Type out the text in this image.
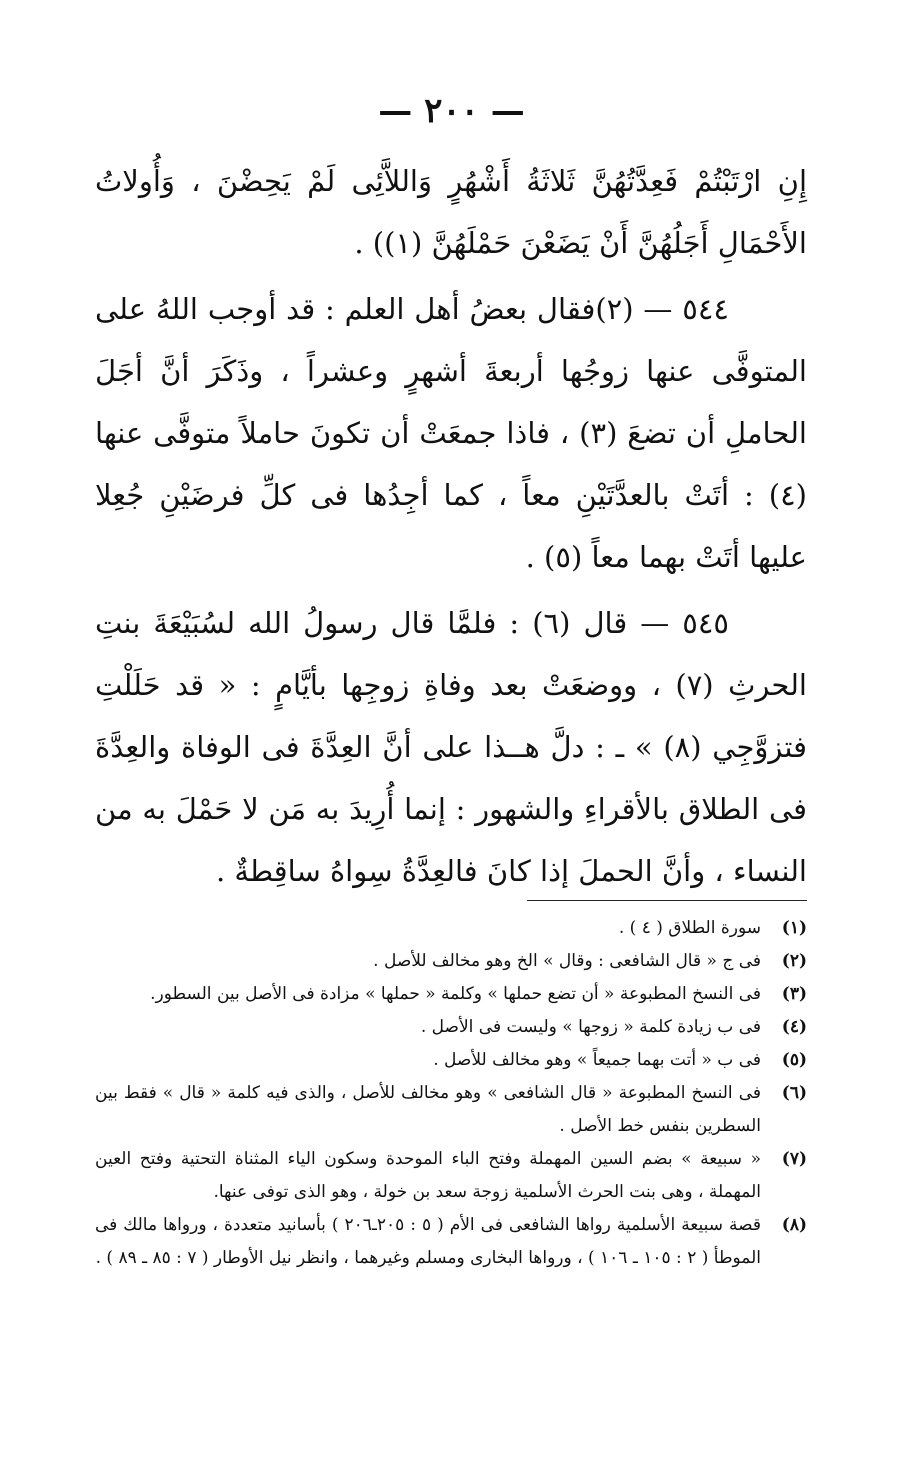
— ٢٠٠ —

إِنِ ارْتَبْتُمْ فَعِدَّتُهُنَّ ثَلاثَةُ أَشْهُرٍ وَاللاَّئِى لَمْ يَحِضْنَ ، وَأُولاتُ الأَحْمَالِ أَجَلُهُنَّ أَنْ يَضَعْنَ حَمْلَهُنَّ (١)) .

٥٤٤ — (٢)فقال بعضُ أهل العلم : قد أوجب اللهُ على المتوفَّى عنها زوجُها أربعةَ أشهرٍ وعشراً ، وذَكَرَ أنَّ أجَلَ الحاملِ أن تضعَ (٣) ، فاذا جمعَتْ أن تكونَ حاملاً متوفَّى عنها (٤) : أتَتْ بالعدَّتَيْنِ معاً ، كما أجِدُها فى كلِّ فرضَيْنِ جُعِلا عليها أتَتْ بهما معاً (٥) .

٥٤٥ — قال (٦) : فلمَّا قال رسولُ الله لسُبَيْعَةَ بنتِ الحرثِ (٧) ، ووضعَتْ بعد وفاةِ زوجِها بأيَّامٍ : « قد حَلَلْتِ فتزوَّجِي (٨) » ـ : دلَّ هــذا على أنَّ العِدَّةَ فى الوفاة والعِدَّةَ فى الطلاق بالأقراءِ والشهور : إنما أُرِيدَ به مَن لا حَمْلَ به من النساء ، وأنَّ الحملَ إذا كانَ فالعِدَّةُ سِواهُ ساقِطةٌ .

(١)
سورة الطلاق ( ٤ ) .
(٢)
فى ج « قال الشافعى : وقال » الخ وهو مخالف للأصل .
(٣)
فى النسخ المطبوعة « أن تضع حملها » وكلمة « حملها » مزادة فى الأصل بين السطور.
(٤)
فى ب زيادة كلمة « زوجها » وليست فى الأصل .
(٥)
فى ب « أتت بهما جميعاً » وهو مخالف للأصل .
(٦)
فى النسخ المطبوعة « قال الشافعى » وهو مخالف للأصل ، والذى فيه كلمة « قال » فقط بين السطرين بنفس خط الأصل .
(٧)
« سبيعة » بضم السين المهملة وفتح الباء الموحدة وسكون الياء المثناة التحتية وفتح العين المهملة ، وهى بنت الحرث الأسلمية زوجة سعد بن خولة ، وهو الذى توفى عنها.
(٨)
قصة سبيعة الأسلمية رواها الشافعى فى الأم ( ٥ : ٢٠٥ـ٢٠٦ ) بأسانيد متعددة ، ورواها مالك فى الموطأ ( ٢ : ١٠٥ ـ ١٠٦ ) ، ورواها البخارى ومسلم وغيرهما ، وانظر نيل الأوطار ( ٧ : ٨٥ ـ ٨٩ ) .
